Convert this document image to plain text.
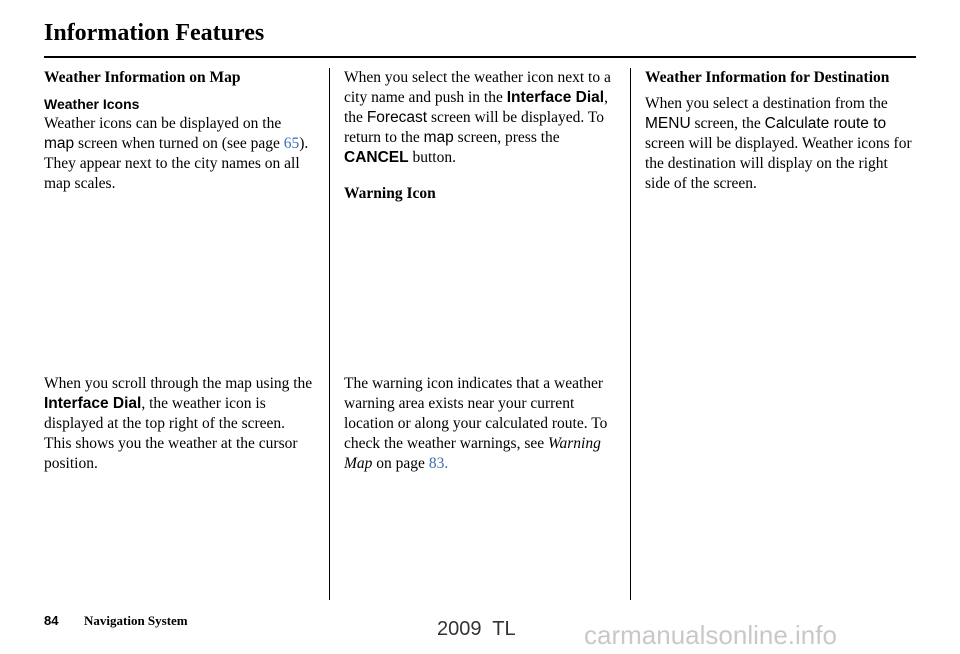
Information Features

Weather Information on Map

Weather Icons

Weather icons can be displayed on the map screen when turned on (see page 65). They appear next to the city names on all map scales.

When you scroll through the map using the Interface Dial, the weather icon is displayed at the top right of the screen. This shows you the weather at the cursor position.

When you select the weather icon next to a city name and push in the Interface Dial, the Forecast screen will be displayed. To return to the map screen, press the CANCEL button.

Warning Icon

The warning icon indicates that a weather warning area exists near your current location or along your calculated route. To check the weather warnings, see Warning Map on page 83.

Weather Information for Destination

When you select a destination from the MENU screen, the Calculate route to screen will be displayed. Weather icons for the destination will display on the right side of the screen.

84 Navigation System	2009  TL	carmanualsonline.info
